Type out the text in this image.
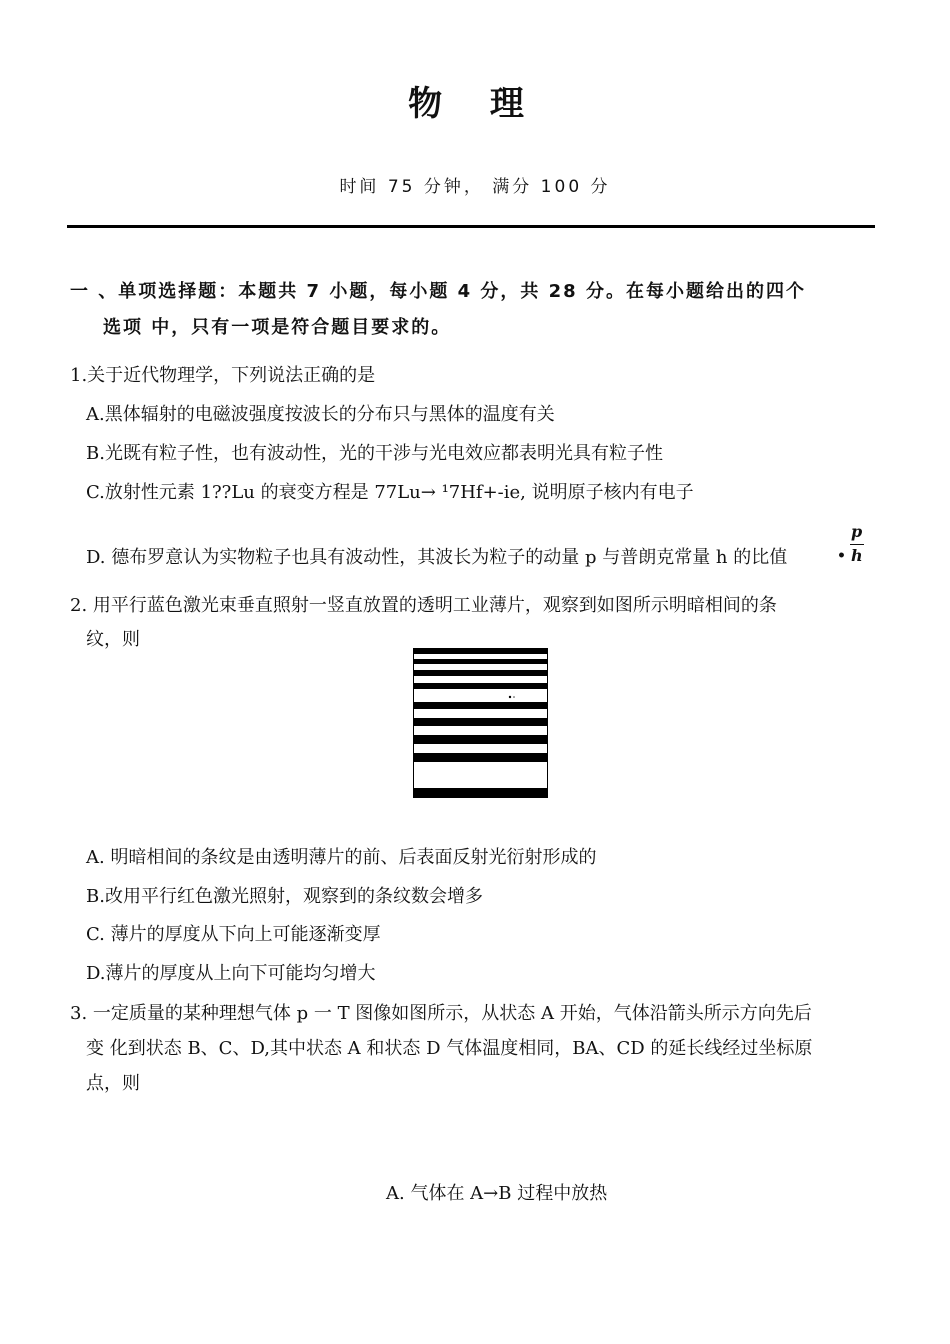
物 理
时间 75 分钟， 满分 100 分
一 、单项选择题：本题共 7 小题，每小题 4 分，共 28 分。在每小题给出的四个
选项 中，只有一项是符合题目要求的。
1.关于近代物理学，下列说法正确的是
A.黑体辐射的电磁波强度按波长的分布只与黑体的温度有关
B.光既有粒子性，也有波动性，光的干涉与光电效应都表明光具有粒子性
C.放射性元素 1??Lu 的衰变方程是 77Lu→ ¹7Hf+-ie, 说明原子核内有电子
D. 德布罗意认为实物粒子也具有波动性，其波长为粒子的动量 p 与普朗克常量 h 的比值	•
p
h
2. 用平行蓝色激光束垂直照射一竖直放置的透明工业薄片，观察到如图所示明暗相间的条
纹，则
A. 明暗相间的条纹是由透明薄片的前、后表面反射光衍射形成的
B.改用平行红色激光照射，观察到的条纹数会增多
C. 薄片的厚度从下向上可能逐渐变厚
D.薄片的厚度从上向下可能均匀增大
3. 一定质量的某种理想气体 p 一 T 图像如图所示，从状态 A 开始，气体沿箭头所示方向先后
变 化到状态 B、C、D,其中状态 A 和状态 D 气体温度相同，BA、CD 的延长线经过坐标原
点，则
A. 气体在 A→B 过程中放热
